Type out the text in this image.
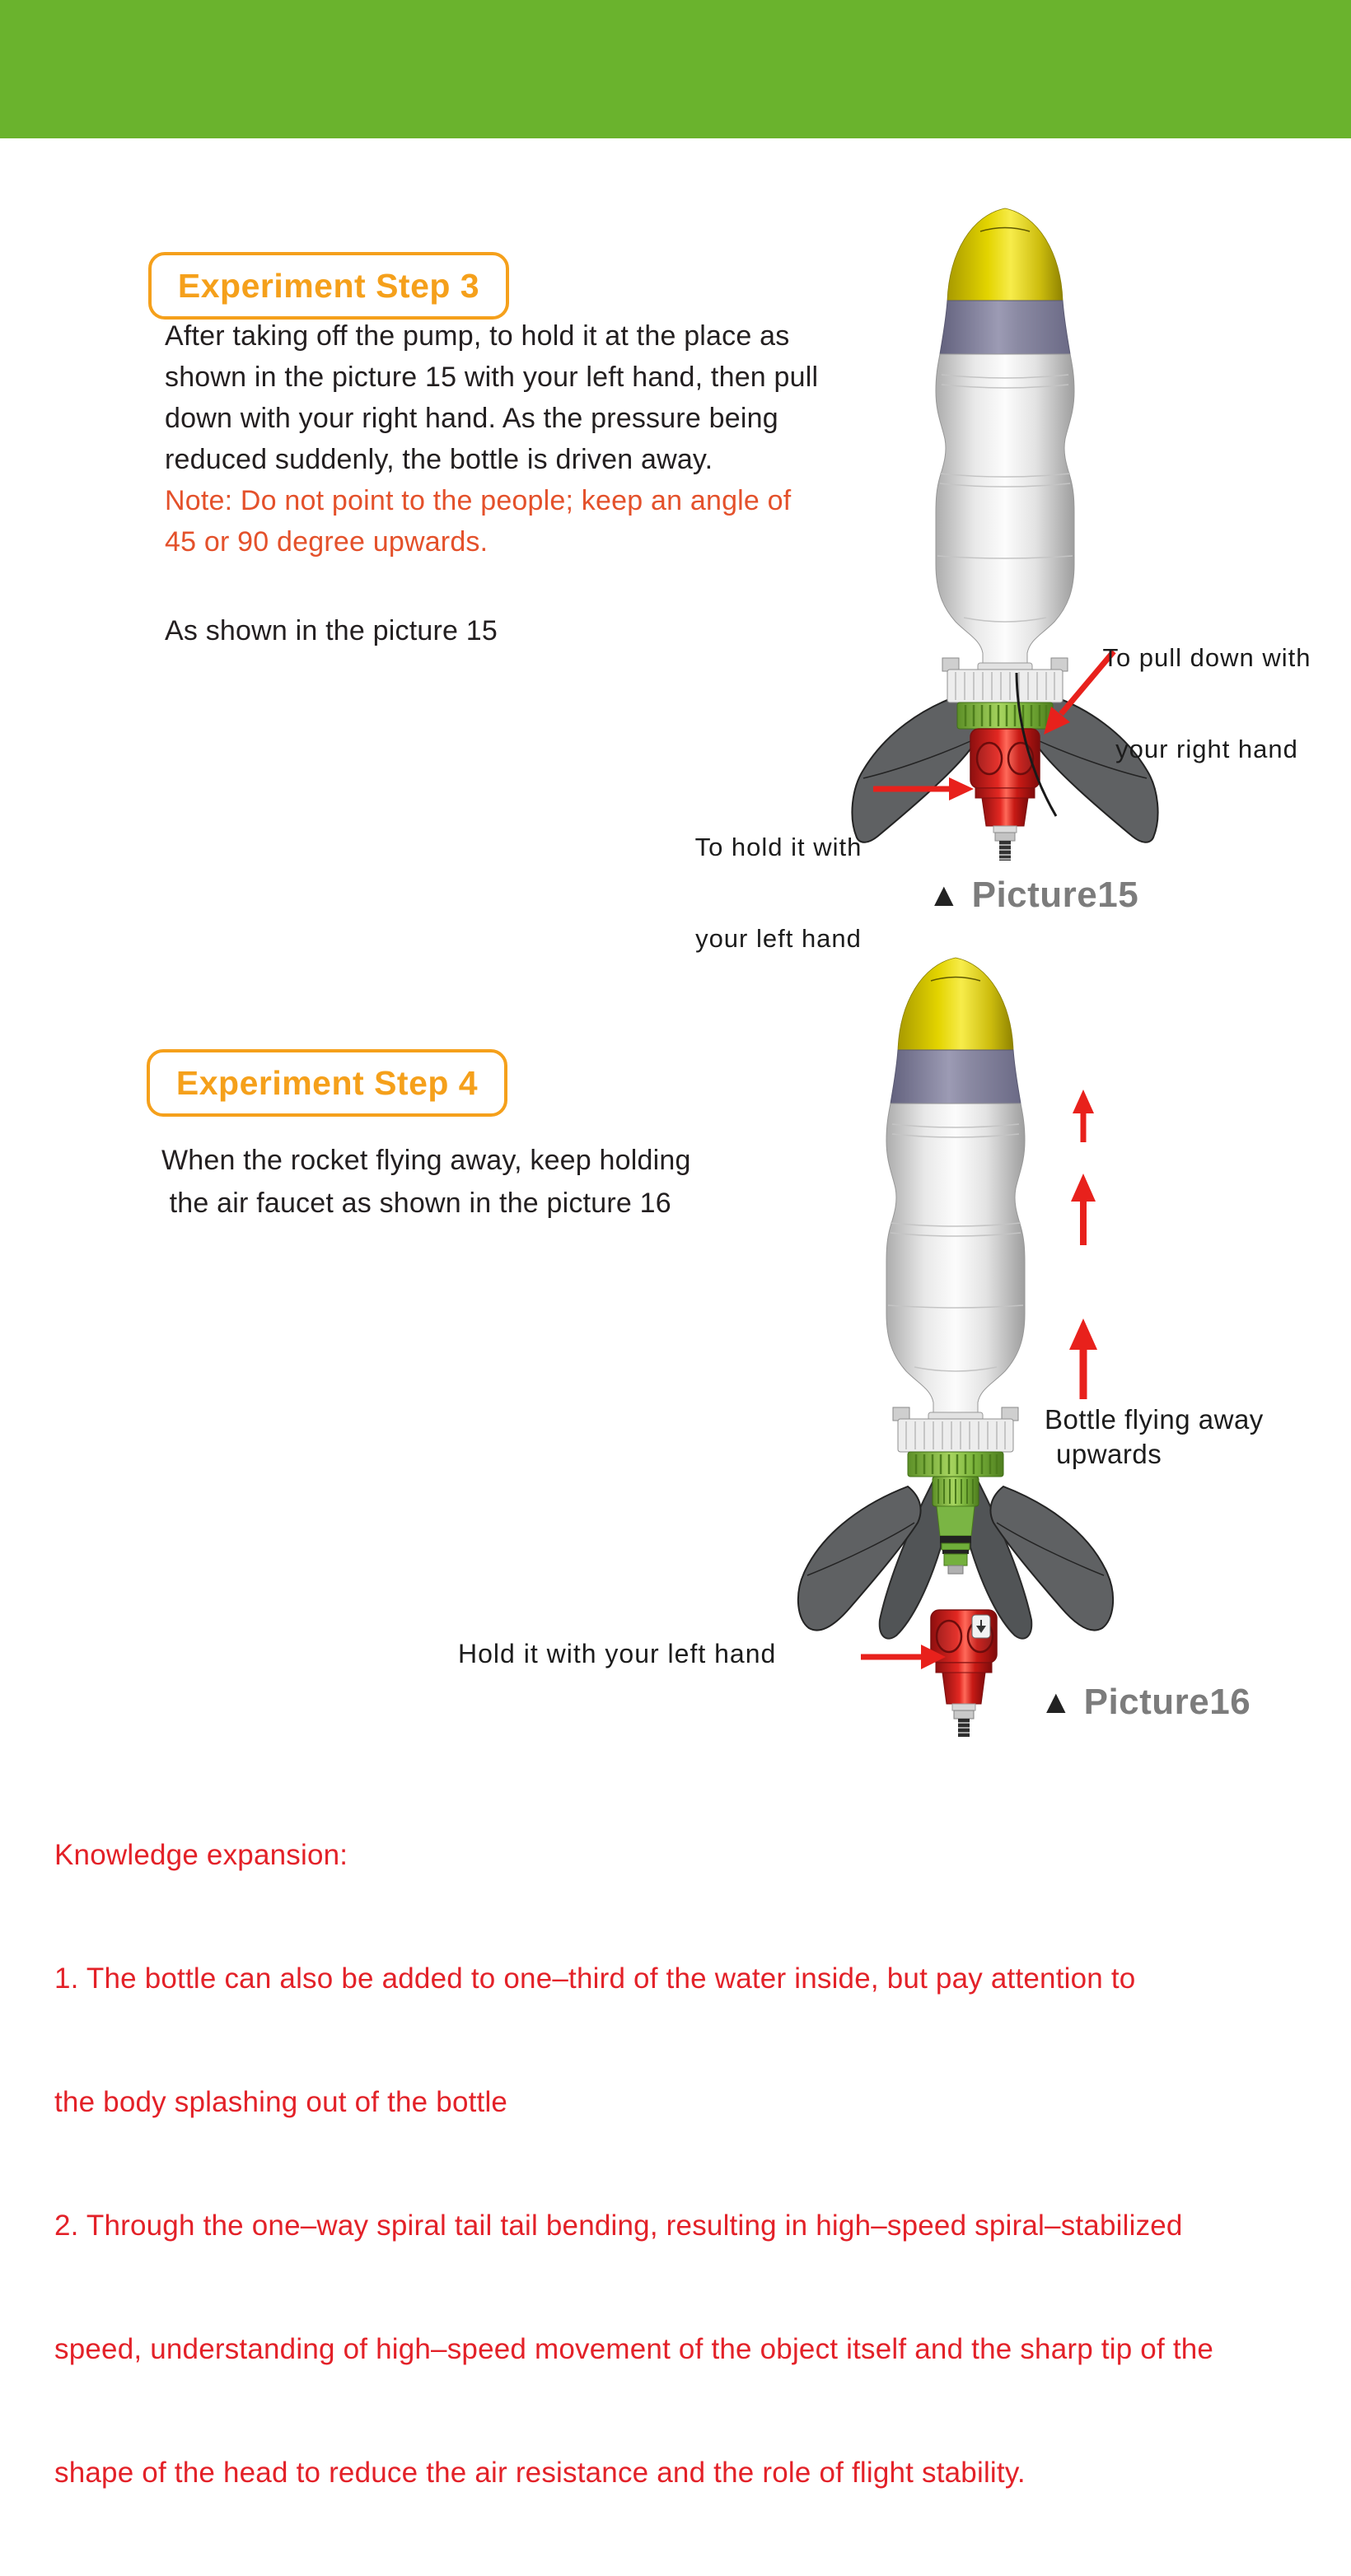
Experiment Step 3
After taking off the pump, to hold it at the place as
shown in the picture 15 with your left hand, then pull
down with your right hand. As the pressure being
reduced suddenly, the bottle is driven away.
Note: Do not point to the people; keep an angle of
45 or 90 degree upwards.
As shown in the picture 15

To pull down with

your right hand

To hold it with

your left hand

▲ Picture15
Experiment Step 4
When the rocket flying away, keep holding
the air faucet as shown in the picture 16
Bottle flying away
upwards
Hold it with your left hand
▲ Picture16

Knowledge expansion:

1. The bottle can also be added to one–third of the water inside, but pay attention to

the body splashing out of the bottle

2. Through the one–way spiral tail tail bending, resulting in high–speed spiral–stabilized

speed, understanding of high–speed movement of the object itself and the sharp tip of the

shape of the head to reduce the air resistance and the role of flight stability.
